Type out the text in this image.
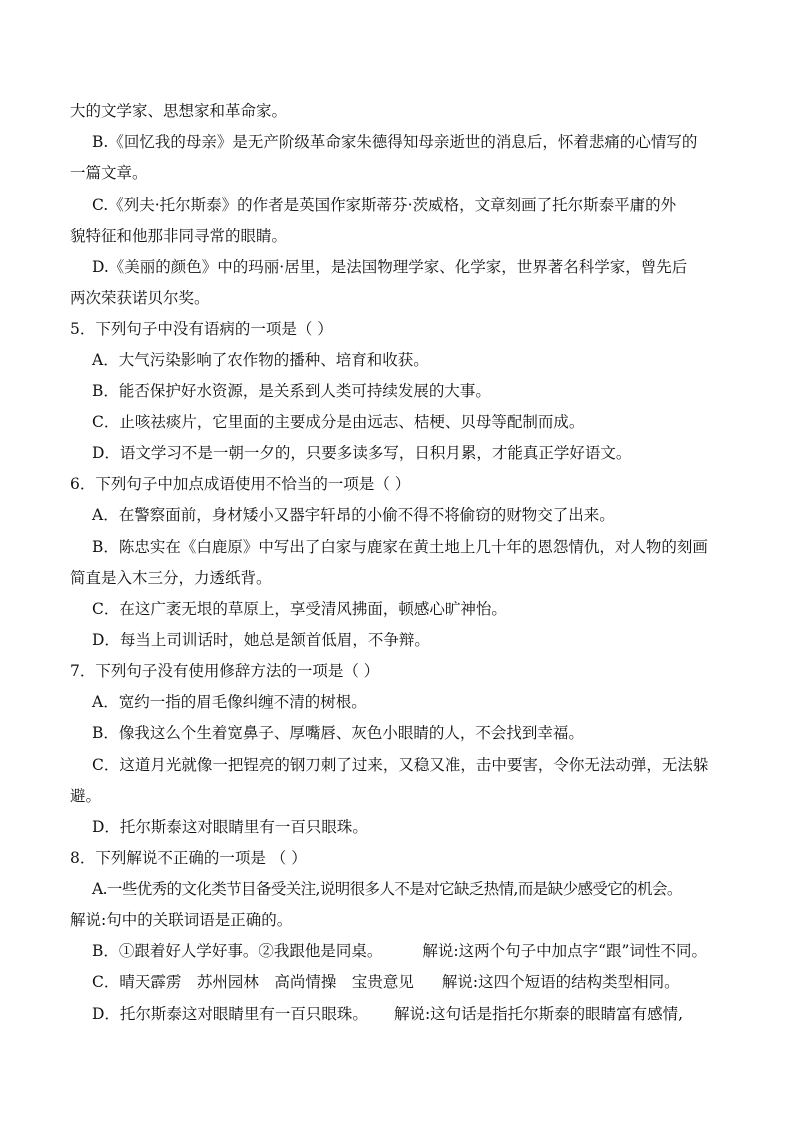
大的文学家、思想家和革命家。
B.《回忆我的母亲》是无产阶级革命家朱德得知母亲逝世的消息后，怀着悲痛的心情写的
一篇文章。
C.《列夫·托尔斯泰》的作者是英国作家斯蒂芬·茨威格，文章刻画了托尔斯泰平庸的外
貌特征和他那非同寻常的眼睛。
D.《美丽的颜色》中的玛丽·居里，是法国物理学家、化学家，世界著名科学家，曾先后
两次荣获诺贝尔奖。
5．下列句子中没有语病的一项是（ ）
A．大气污染影响了农作物的播种、培育和收获。
B．能否保护好水资源，是关系到人类可持续发展的大事。
C．止咳祛痰片，它里面的主要成分是由远志、桔梗、贝母等配制而成。
D．语文学习不是一朝一夕的，只要多读多写，日积月累，才能真正学好语文。
6．下列句子中加点成语使用不恰当的一项是（ ）
A．在警察面前，身材矮小又器宇轩昂的小偷不得不将偷窃的财物交了出来。
B．陈忠实在《白鹿原》中写出了白家与鹿家在黄土地上几十年的恩怨情仇，对人物的刻画
简直是入木三分，力透纸背。
C．在这广袤无垠的草原上，享受清风拂面，顿感心旷神怡。
D．每当上司训话时，她总是颔首低眉，不争辩。
7．下列句子没有使用修辞方法的一项是（ ）
A．宽约一指的眉毛像纠缠不清的树根。
B．像我这么个生着宽鼻子、厚嘴唇、灰色小眼睛的人，不会找到幸福。
C．这道月光就像一把锃亮的钢刀刺了过来，又稳又准，击中要害，令你无法动弹，无法躲
避。
D．托尔斯泰这对眼睛里有一百只眼珠。
8．下列解说不正确的一项是 （ ）
A.一些优秀的文化类节目备受关注,说明很多人不是对它缺乏热情,而是缺少感受它的机会。
解说:句中的关联词语是正确的。
B．①跟着好人学好事。②我跟他是同桌。	解说:这两个句子中加点字“跟”词性不同。
C．晴天霹雳　苏州园林　高尚情操　宝贵意见 解说:这四个短语的结构类型相同。
D．托尔斯泰这对眼睛里有一百只眼珠。 解说:这句话是指托尔斯泰的眼睛富有感情,
